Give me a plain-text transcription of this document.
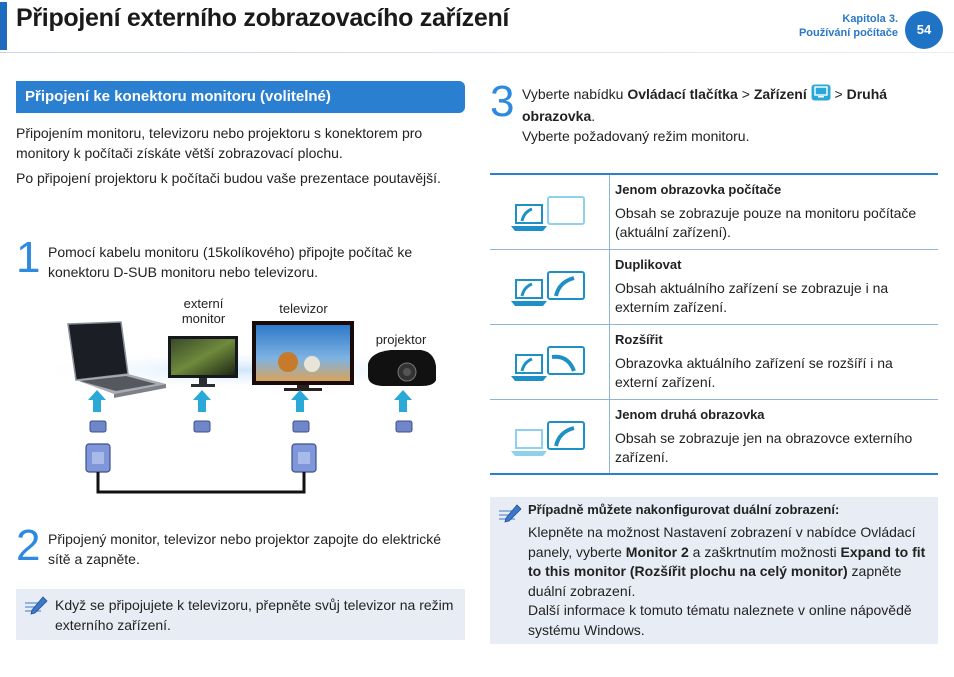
Připojení externího zobrazovacího zařízení	Kapitola 3.
Používání počítače	54
Připojení ke konektoru monitoru (volitelné)
Připojením monitoru, televizoru nebo projektoru s konektorem pro monitory k počítači získáte větší zobrazovací plochu.
Po připojení projektoru k počítači budou vaše prezentace poutavější.
1 Pomocí kabelu monitoru (15kolíkového) připojte počítač ke konektoru D-SUB monitoru nebo televizoru.
externí
monitor
televizor
projektor
2 Připojený monitor, televizor nebo projektor zapojte do elektrické sítě a zapněte.
Když se připojujete k televizoru, přepněte svůj televizor na režim externího zařízení.
3 Vyberte nabídku Ovládací tlačítka > Zařízení  > Druhá
obrazovka.
Vyberte požadovaný režim monitoru.
Jenom obrazovka počítače
Obsah se zobrazuje pouze na monitoru počítače (aktuální zařízení).
Duplikovat
Obsah aktuálního zařízení se zobrazuje i na externím zařízení.
Rozšířit
Obrazovka aktuálního zařízení se rozšíří i na externí zařízení.
Jenom druhá obrazovka
Obsah se zobrazuje jen na obrazovce externího zařízení.
Případně můžete nakonfigurovat duální zobrazení:
Klepněte na možnost Nastavení zobrazení v nabídce Ovládací panely, vyberte Monitor 2 a zaškrtnutím možnosti Expand to fit to this monitor (Rozšířit plochu na celý monitor) zapněte duální zobrazení.
Další informace k tomuto tématu naleznete v online nápovědě systému Windows.
